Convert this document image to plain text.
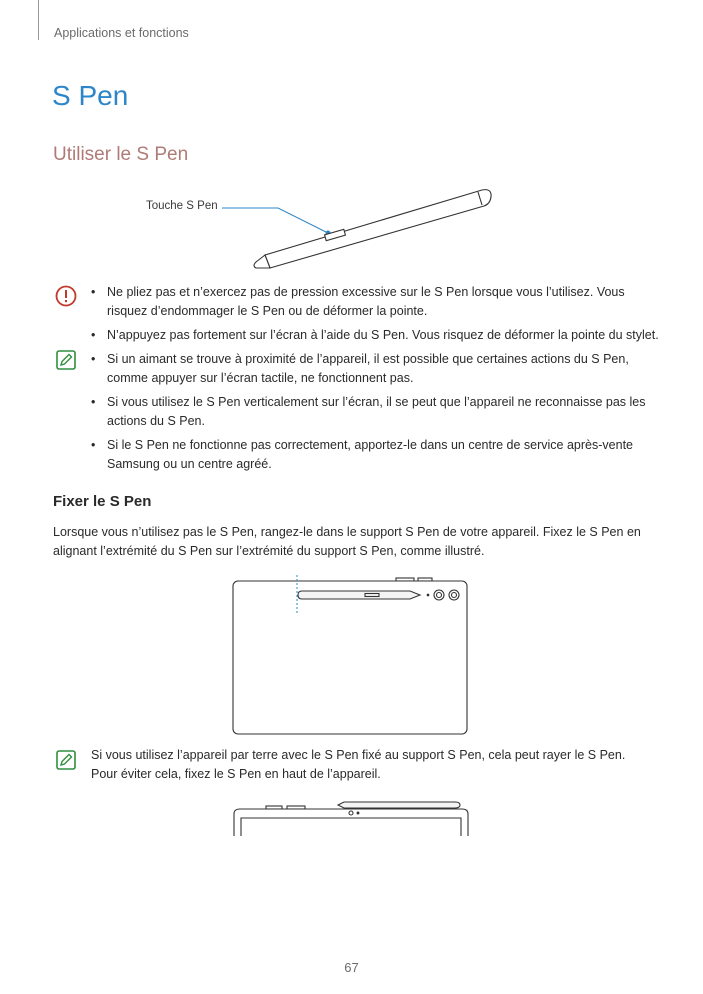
Applications et fonctions
S Pen
Utiliser le S Pen
Touche S Pen
• Ne pliez pas et n’exercez pas de pression excessive sur le S Pen lorsque vous l’utilisez. Vous risquez d’endommager le S Pen ou de déformer la pointe.
• N’appuyez pas fortement sur l’écran à l’aide du S Pen. Vous risquez de déformer la pointe du stylet.
• Si un aimant se trouve à proximité de l’appareil, il est possible que certaines actions du S Pen, comme appuyer sur l’écran tactile, ne fonctionnent pas.
• Si vous utilisez le S Pen verticalement sur l’écran, il se peut que l’appareil ne reconnaisse pas les actions du S Pen.
• Si le S Pen ne fonctionne pas correctement, apportez-le dans un centre de service après-vente Samsung ou un centre agréé.
Fixer le S Pen
Lorsque vous n’utilisez pas le S Pen, rangez-le dans le support S Pen de votre appareil. Fixez le S Pen en alignant l’extrémité du S Pen sur l’extrémité du support S Pen, comme illustré.
Si vous utilisez l’appareil par terre avec le S Pen fixé au support S Pen, cela peut rayer le S Pen. Pour éviter cela, fixez le S Pen en haut de l’appareil.
67
